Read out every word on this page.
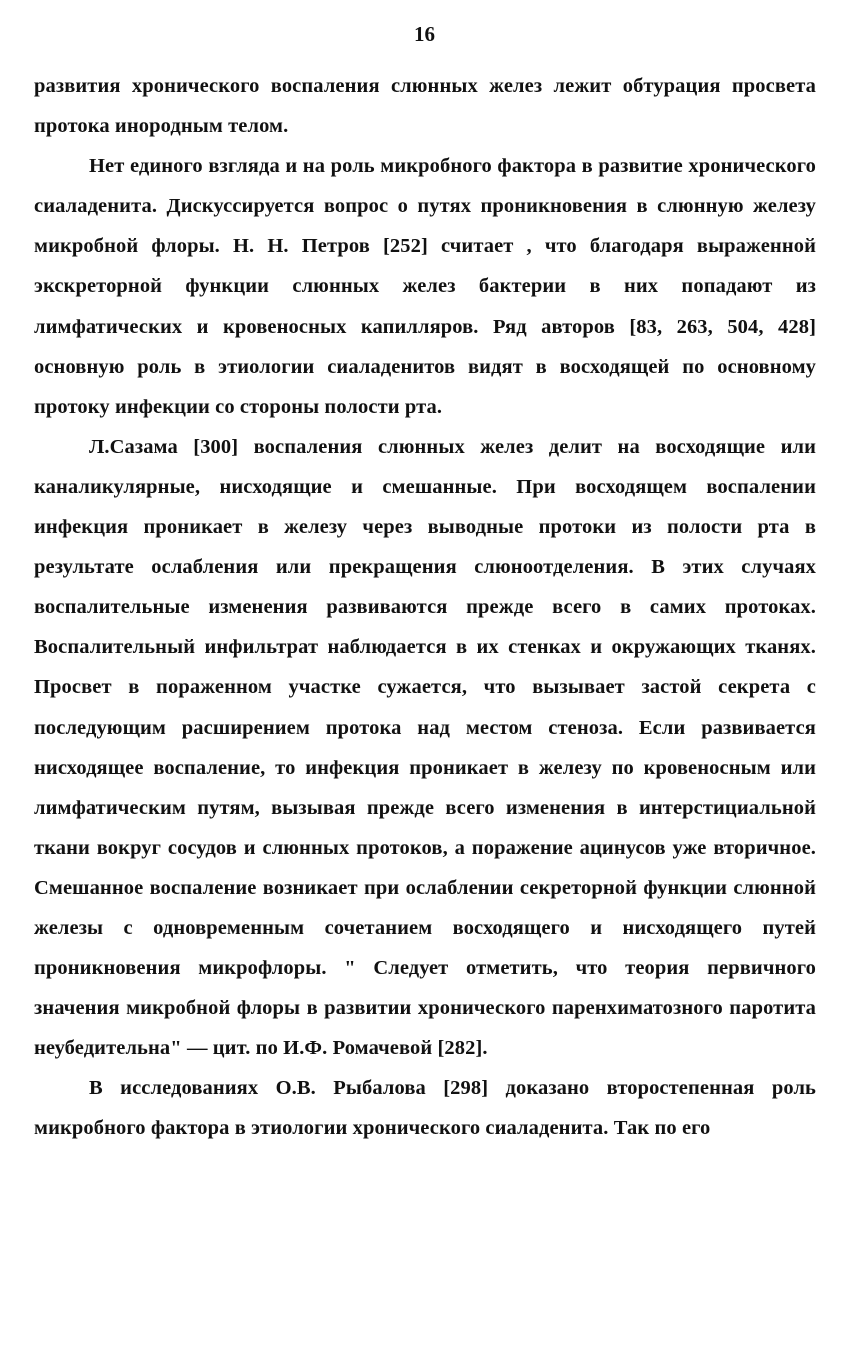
16

развития хронического воспаления слюнных желез лежит обтурация просвета протока инородным телом.

Нет единого взгляда и на роль микробного фактора в развитие хронического сиаладенита. Дискуссируется вопрос о путях проникновения в слюнную железу микробной флоры. Н. Н. Петров [252] считает , что благодаря выраженной экскреторной функции слюнных желез бактерии в них попадают из лимфатических и кровеносных капилляров. Ряд авторов [83, 263, 504, 428] основную роль в этиологии сиаладенитов видят в восходящей по основному протоку инфекции со стороны полости рта.

Л.Сазама [300] воспаления слюнных желез делит на восходящие или каналикулярные, нисходящие и смешанные. При восходящем воспалении инфекция проникает в железу через выводные протоки из полости рта в результате ослабления или прекращения слюноотделения. В этих случаях воспалительные изменения развиваются прежде всего в самих протоках. Воспалительный инфильтрат наблюдается в их стенках и окружающих тканях. Просвет в пораженном участке сужается, что вызывает застой секрета с последующим расширением протока над местом стеноза. Если развивается нисходящее воспаление, то инфекция проникает в железу по кровеносным или лимфатическим путям, вызывая прежде всего изменения в интерстициальной ткани вокруг сосудов и слюнных протоков, а поражение ацинусов уже вторичное. Смешанное воспаление возникает при ослаблении секреторной функции слюнной железы с одновременным сочетанием восходящего и нисходящего путей проникновения микрофлоры. " Следует отметить, что теория первичного значения микробной флоры в развитии хронического паренхиматозного паротита неубедительна" — цит. по И.Ф. Ромачевой [282].

В исследованиях О.В. Рыбалова [298] доказано второстепенная роль микробного фактора в этиологии хронического сиаладенита. Так по его
